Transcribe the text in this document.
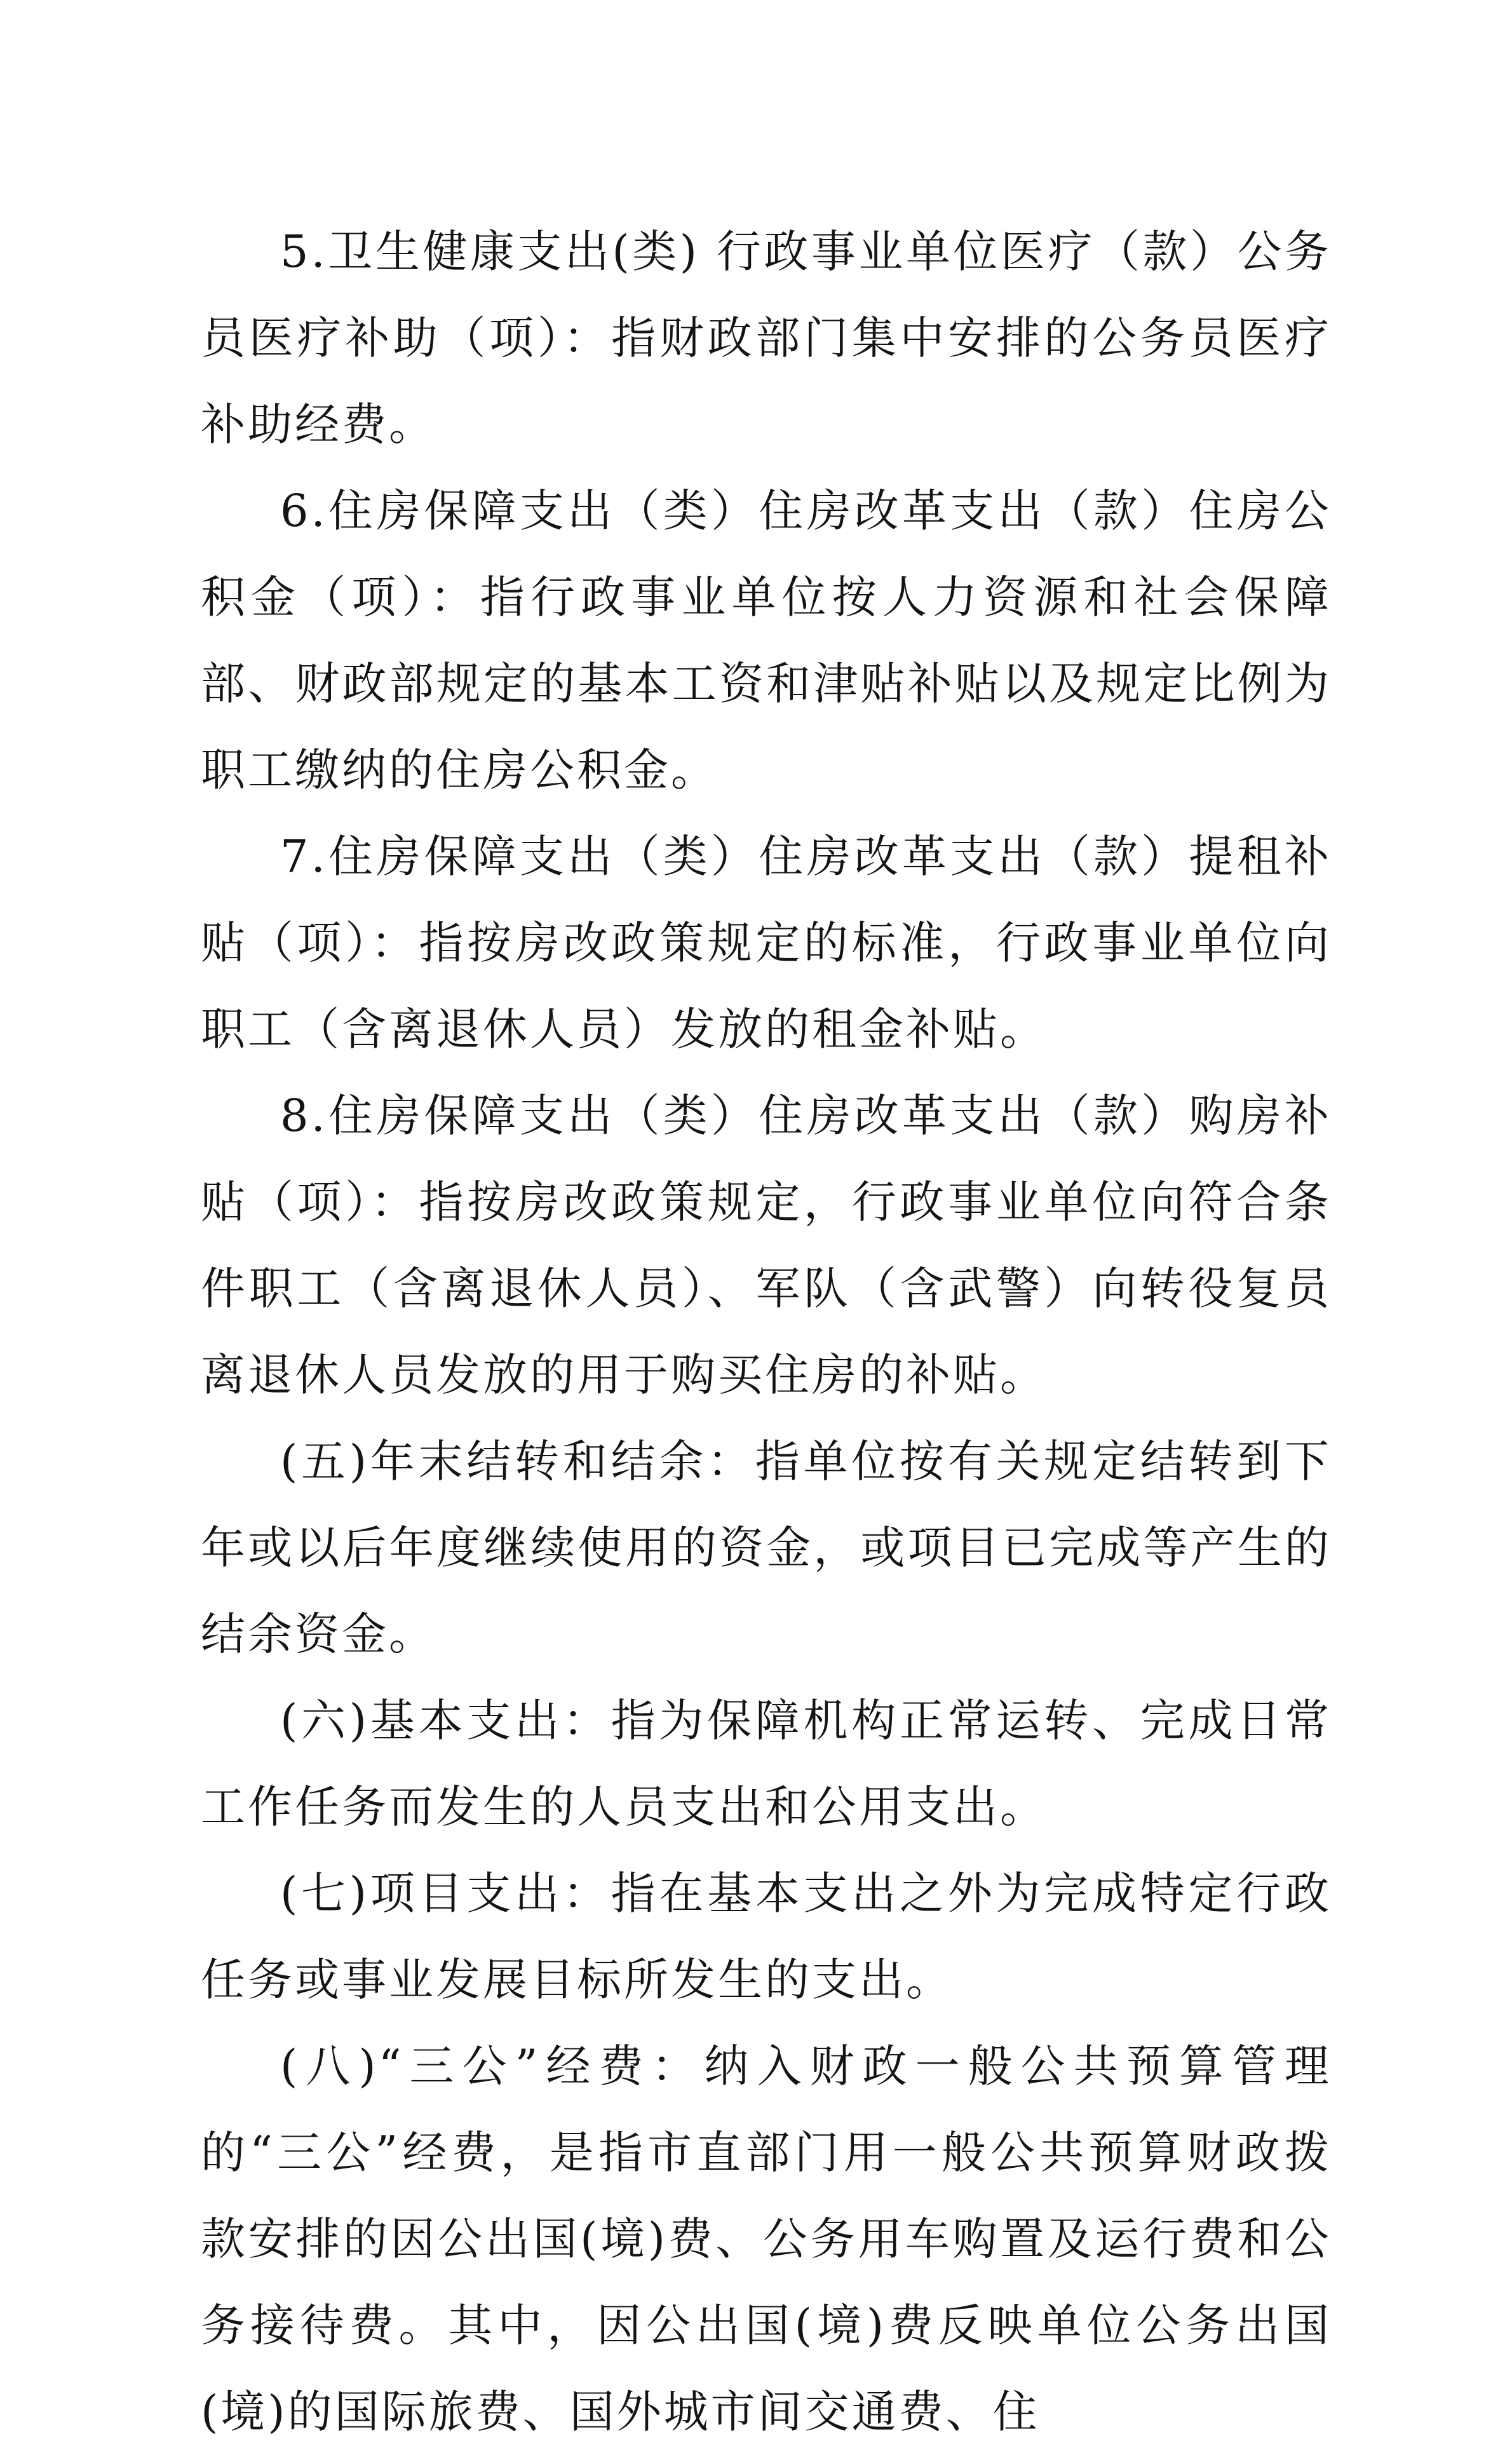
5.卫生健康支出(类) 行政事业单位医疗（款）公务员医疗补助（项）：指财政部门集中安排的公务员医疗补助经费。

6.住房保障支出（类）住房改革支出（款）住房公积金（项）：指行政事业单位按人力资源和社会保障部、财政部规定的基本工资和津贴补贴以及规定比例为职工缴纳的住房公积金。

7.住房保障支出（类）住房改革支出（款）提租补贴（项）：指按房改政策规定的标准，行政事业单位向职工（含离退休人员）发放的租金补贴。

8.住房保障支出（类）住房改革支出（款）购房补贴（项）：指按房改政策规定，行政事业单位向符合条件职工（含离退休人员）、军队（含武警）向转役复员离退休人员发放的用于购买住房的补贴。

(五)年末结转和结余：指单位按有关规定结转到下年或以后年度继续使用的资金，或项目已完成等产生的结余资金。

(六)基本支出：指为保障机构正常运转、完成日常工作任务而发生的人员支出和公用支出。

(七)项目支出：指在基本支出之外为完成特定行政任务或事业发展目标所发生的支出。

(八)“三公”经费：纳入财政一般公共预算管理的“三公”经费，是指市直部门用一般公共预算财政拨款安排的因公出国(境)费、公务用车购置及运行费和公务接待费。其中，因公出国(境)费反映单位公务出国(境)的国际旅费、国外城市间交通费、住
